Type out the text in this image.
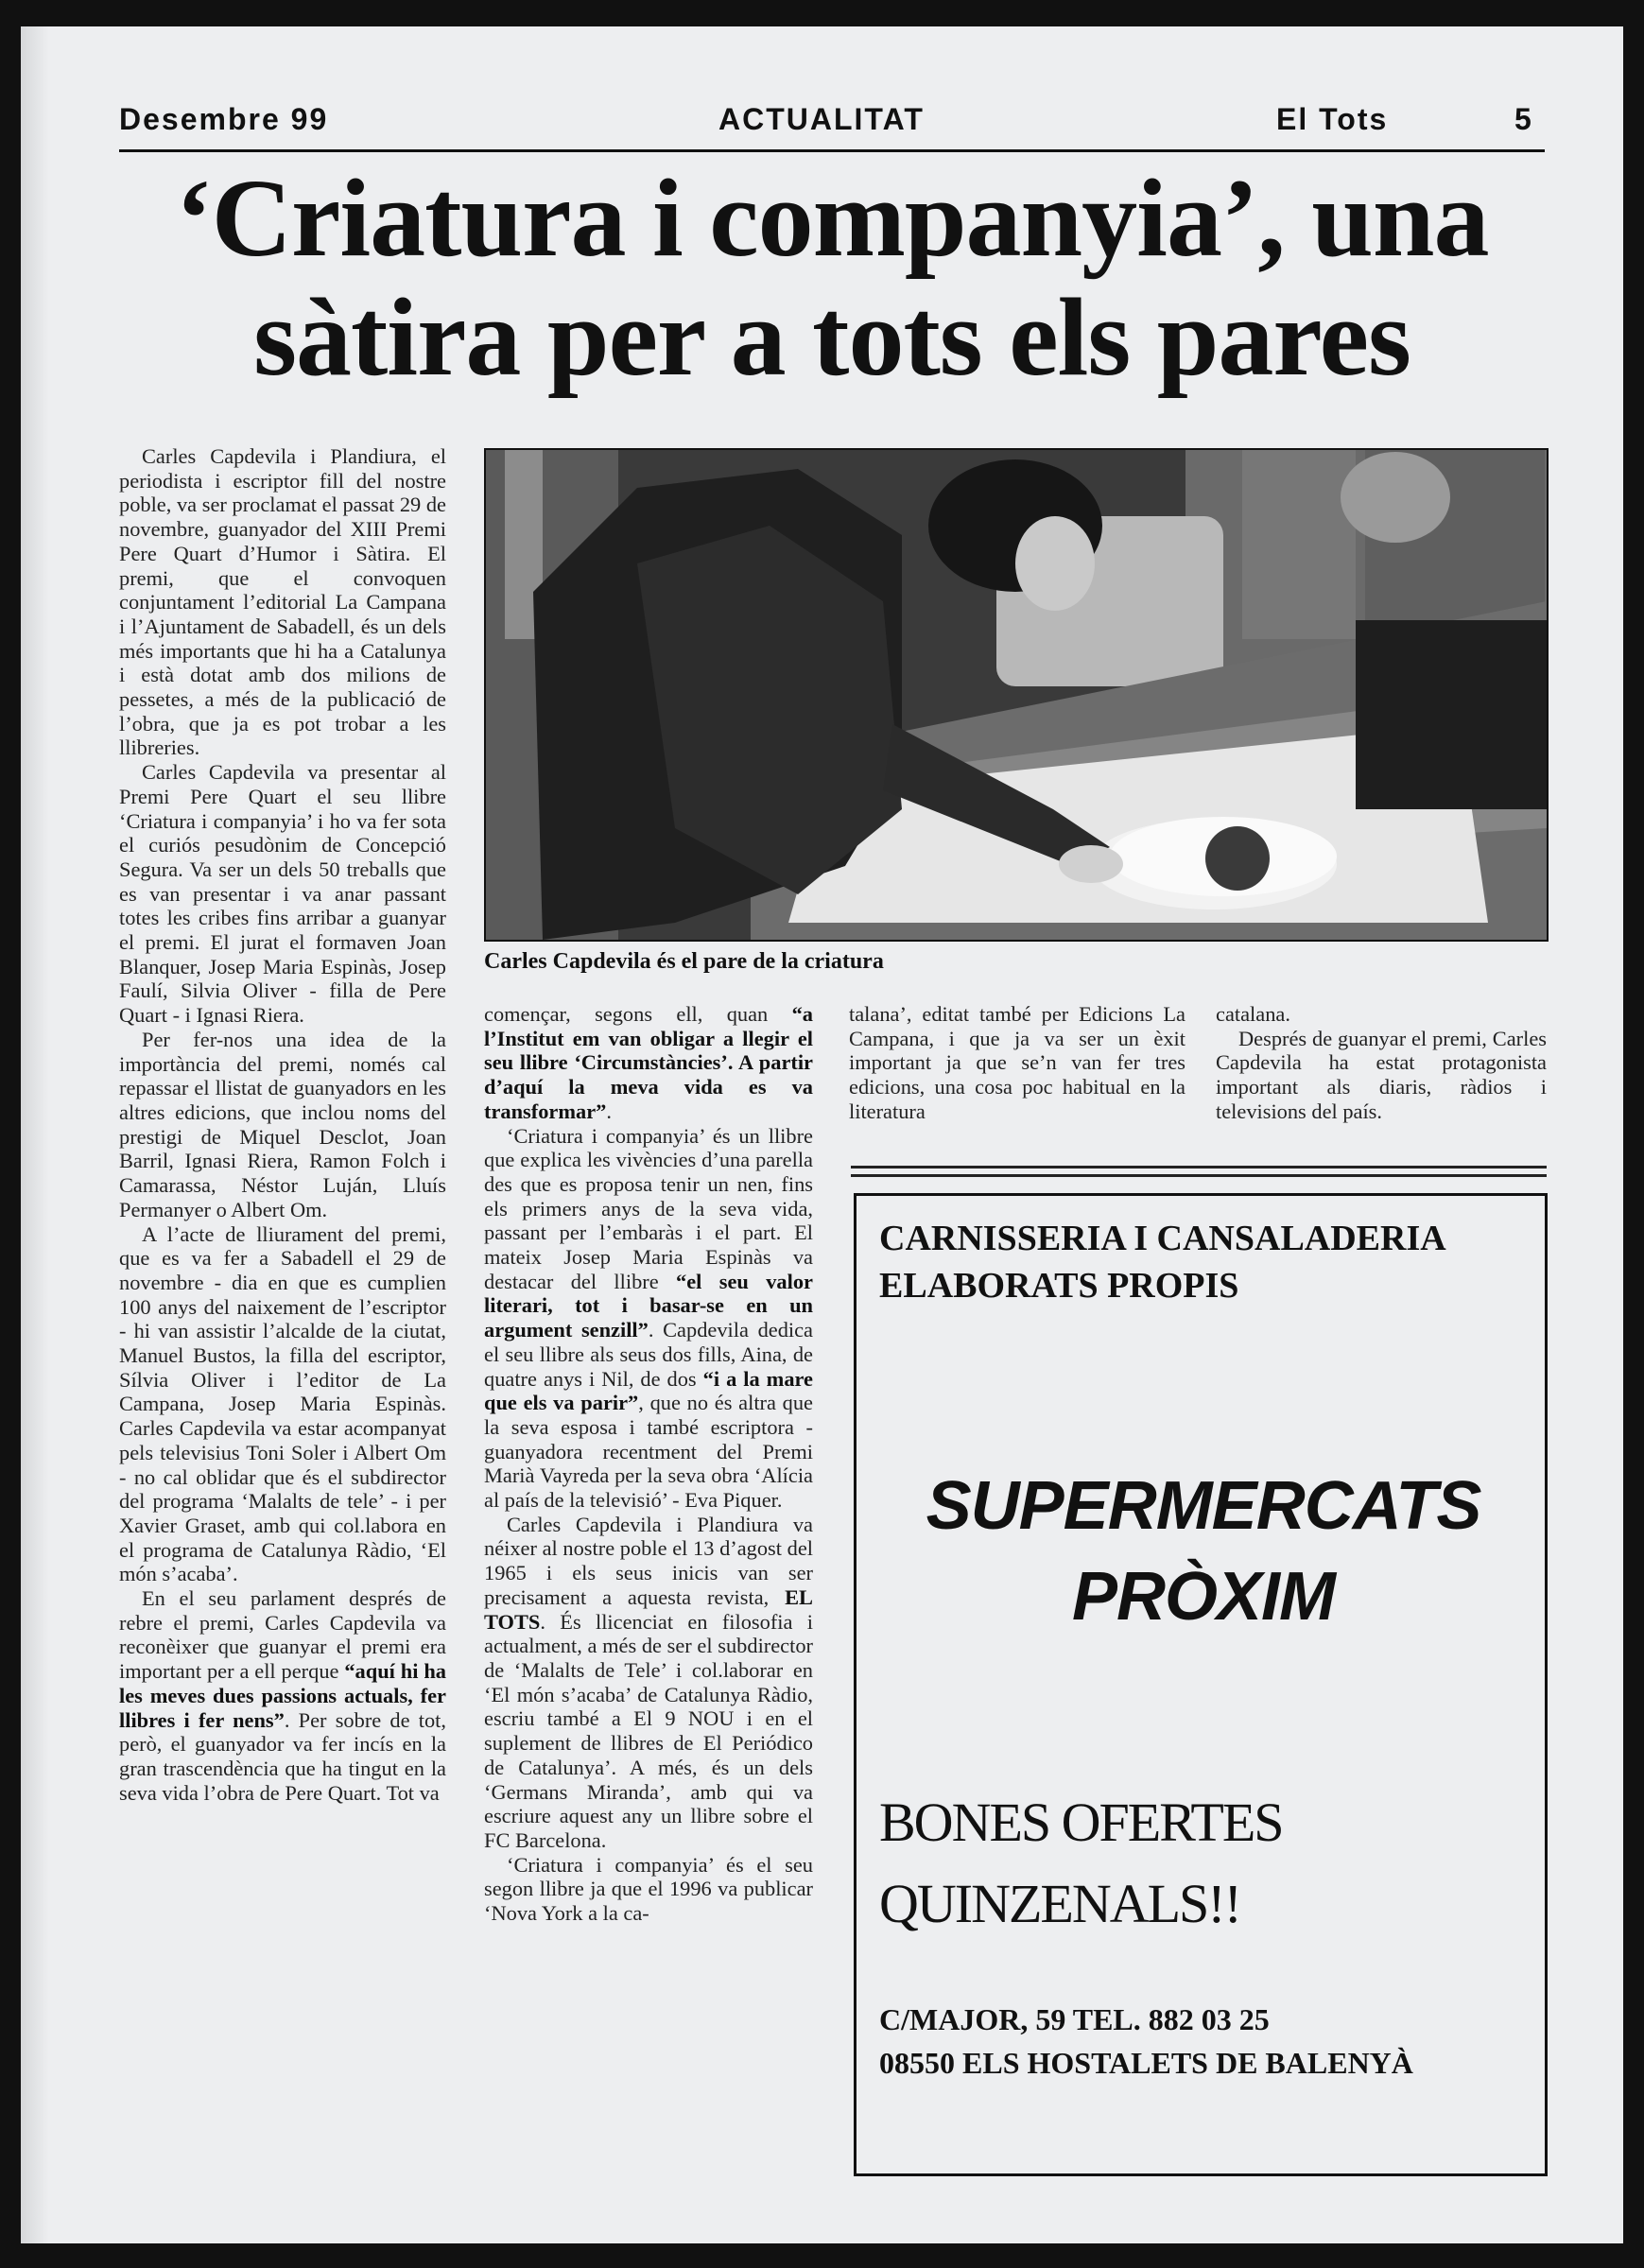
Desembre 99	ACTUALITAT	El Tots	5
‘Criatura i companyia’, una
sàtira per a tots els pares

Carles Capdevila i Plandiura, el periodista i escriptor fill del nostre poble, va ser proclamat el passat 29 de novembre, guanyador del XIII Premi Pere Quart d’Humor i Sàtira. El premi, que el convoquen conjuntament l’editorial La Campana i l’Ajuntament de Sabadell, és un dels més importants que hi ha a Catalunya i està dotat amb dos milions de pessetes, a més de la publicació de l’obra, que ja es pot trobar a les llibreries.

Carles Capdevila va presentar al Premi Pere Quart el seu llibre ‘Criatura i companyia’ i ho va fer sota el curiós pesudònim de Concepció Segura. Va ser un dels 50 treballs que es van presentar i va anar passant totes les cribes fins arribar a guanyar el premi. El jurat el formaven Joan Blanquer, Josep Maria Espinàs, Josep Faulí, Silvia Oliver - filla de Pere Quart - i Ignasi Riera.

Per fer-nos una idea de la importància del premi, només cal repassar el llistat de guanyadors en les altres edicions, que inclou noms del prestigi de Miquel Desclot, Joan Barril, Ignasi Riera, Ramon Folch i Camarassa, Néstor Luján, Lluís Permanyer o Albert Om.

A l’acte de lliurament del premi, que es va fer a Sabadell el 29 de novembre - dia en que es cumplien 100 anys del naixement de l’escriptor - hi van assistir l’alcalde de la ciutat, Manuel Bustos, la filla del escriptor, Sílvia Oliver i l’editor de La Campana, Josep Maria Espinàs. Carles Capdevila va estar acompanyat pels televisius Toni Soler i Albert Om - no cal oblidar que és el subdirector del programa ‘Malalts de tele’ - i per Xavier Graset, amb qui col.labora en el programa de Catalunya Ràdio, ‘El món s’acaba’.

En el seu parlament després de rebre el premi, Carles Capdevila va reconèixer que guanyar el premi era important per a ell perque “aquí hi ha les meves dues passions actuals, fer llibres i fer nens”. Per sobre de tot, però, el guanyador va fer incís en la gran trascendència que ha tingut en la seva vida l’obra de Pere Quart. Tot va

Carles Capdevila és el pare de la criatura

començar, segons ell, quan “a l’Institut em van obligar a llegir el seu llibre ‘Circumstàncies’. A partir d’aquí la meva vida es va transformar”.

‘Criatura i companyia’ és un llibre que explica les vivències d’una parella des que es proposa tenir un nen, fins els primers anys de la seva vida, passant per l’embaràs i el part. El mateix Josep Maria Espinàs va destacar del llibre “el seu valor literari, tot i basar-se en un argument senzill”. Capdevila dedica el seu llibre als seus dos fills, Aina, de quatre anys i Nil, de dos “i a la mare que els va parir”, que no és altra que la seva esposa i també escriptora - guanyadora recentment del Premi Marià Vayreda per la seva obra ‘Alícia al país de la televisió’ - Eva Piquer.

Carles Capdevila i Plandiura va néixer al nostre poble el 13 d’agost del 1965 i els seus inicis van ser precisament a aquesta revista, EL TOTS. És llicenciat en filosofia i actualment, a més de ser el subdirector de ‘Malalts de Tele’ i col.laborar en ‘El món s’acaba’ de Catalunya Ràdio, escriu també a El 9 NOU i en el suplement de llibres de El Periódico de Catalunya’. A més, és un dels ‘Germans Miranda’, amb qui va escriure aquest any un llibre sobre el FC Barcelona.

‘Criatura i companyia’ és el seu segon llibre ja que el 1996 va publicar ‘Nova York a la ca-

talana’, editat també per Edicions La Campana, i que ja va ser un èxit important ja que se’n van fer tres edicions, una cosa poc habitual en la literatura

catalana.

Després de guanyar el premi, Carles Capdevila ha estat protagonista important als diaris, ràdios i televisions del país.

CARNISSERIA I CANSALADERIA
ELABORATS PROPIS
SUPERMERCATS
PRÒXIM
BONES OFERTES
QUINZENALS!!
C/MAJOR, 59 TEL. 882 03 25
08550 ELS HOSTALETS DE BALENYÀ
